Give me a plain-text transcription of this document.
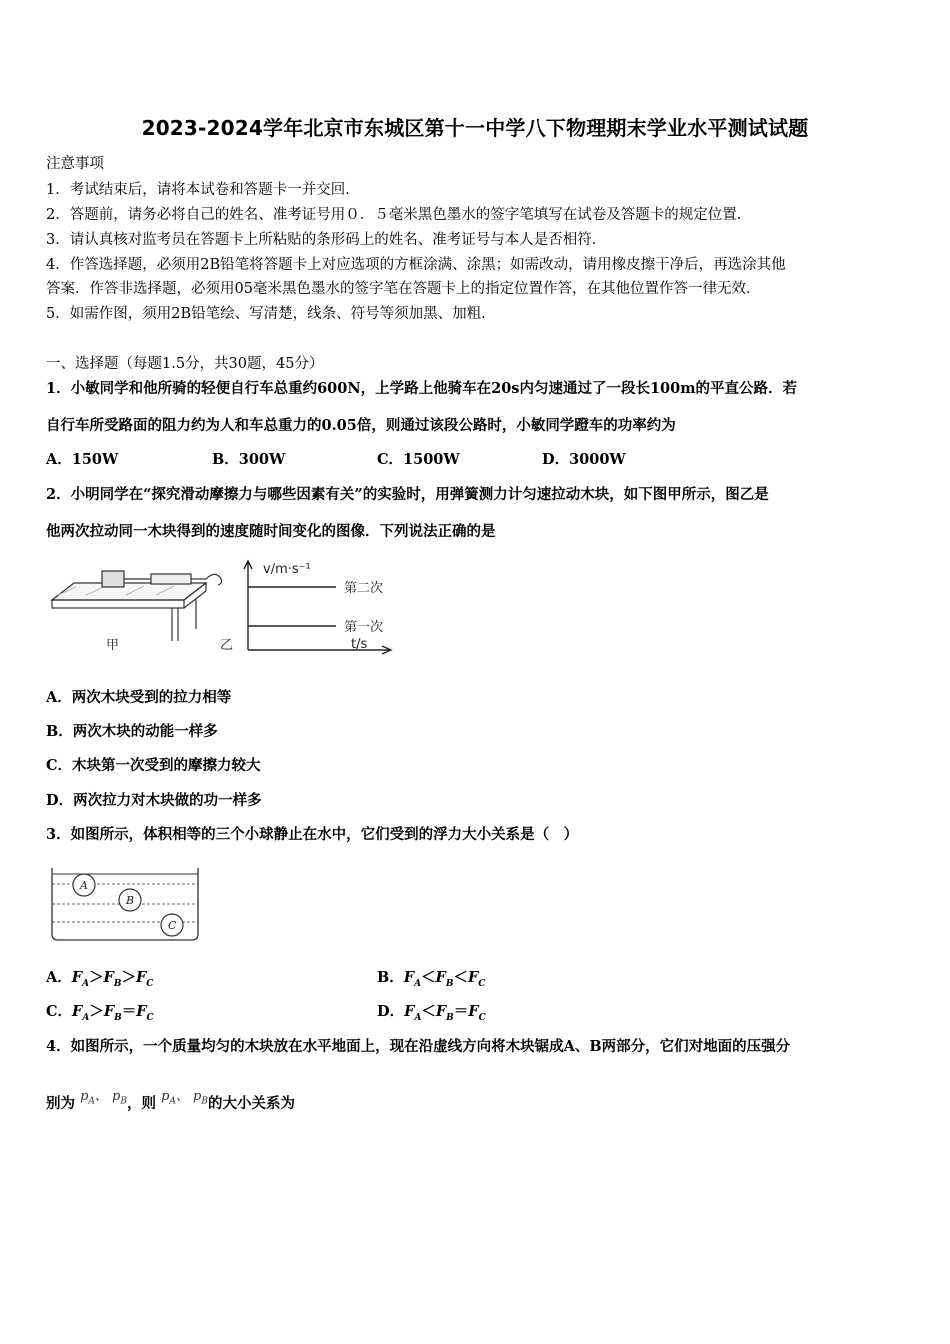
2023-2024学年北京市东城区第十一中学八下物理期末学业水平测试试题
注意事项
1．考试结束后，请将本试卷和答题卡一并交回．
2．答题前，请务必将自己的姓名、准考证号用０．５毫米黑色墨水的签字笔填写在试卷及答题卡的规定位置．
3．请认真核对监考员在答题卡上所粘贴的条形码上的姓名、准考证号与本人是否相符．
4．作答选择题，必须用2B铅笔将答题卡上对应选项的方框涂满、涂黑；如需改动，请用橡皮擦干净后，再选涂其他
答案．作答非选择题，必须用05毫米黑色墨水的签字笔在答题卡上的指定位置作答，在其他位置作答一律无效．
5．如需作图，须用2B铅笔绘、写清楚，线条、符号等须加黑、加粗．
一、选择题（每题1.5分，共30题，45分）
1．小敏同学和他所骑的轻便自行车总重约600N，上学路上他骑车在20s内匀速通过了一段长100m的平直公路．若
自行车所受路面的阻力约为人和车总重力的0.05倍，则通过该段公路时，小敏同学蹬车的功率约为
A．150W	B．300W	C．1500W	D．3000W
2．小明同学在“探究滑动摩擦力与哪些因素有关”的实验时，用弹簧测力计匀速拉动木块，如下图甲所示，图乙是
他两次拉动同一木块得到的速度随时间变化的图像．下列说法正确的是
甲	乙
v/m·s⁻¹
第二次
第一次
t/s
A．两次木块受到的拉力相等
B．两次木块的动能一样多
C．木块第一次受到的摩擦力较大
D．两次拉力对木块做的功一样多
3．如图所示，体积相等的三个小球静止在水中，它们受到的浮力大小关系是（　）
A
B
C
A．$F_A>F_B>F_C$	B．$F_A<F_B<F_C$
C．$F_A>F_B=F_C$	D．$F_A<F_B=F_C$
4．如图所示，一个质量均匀的木块放在水平地面上，现在沿虚线方向将木块锯成A、B两部分，它们对地面的压强分
别为 $p_A$、 $p_B$，则 $p_A$、 $p_B$的大小关系为
